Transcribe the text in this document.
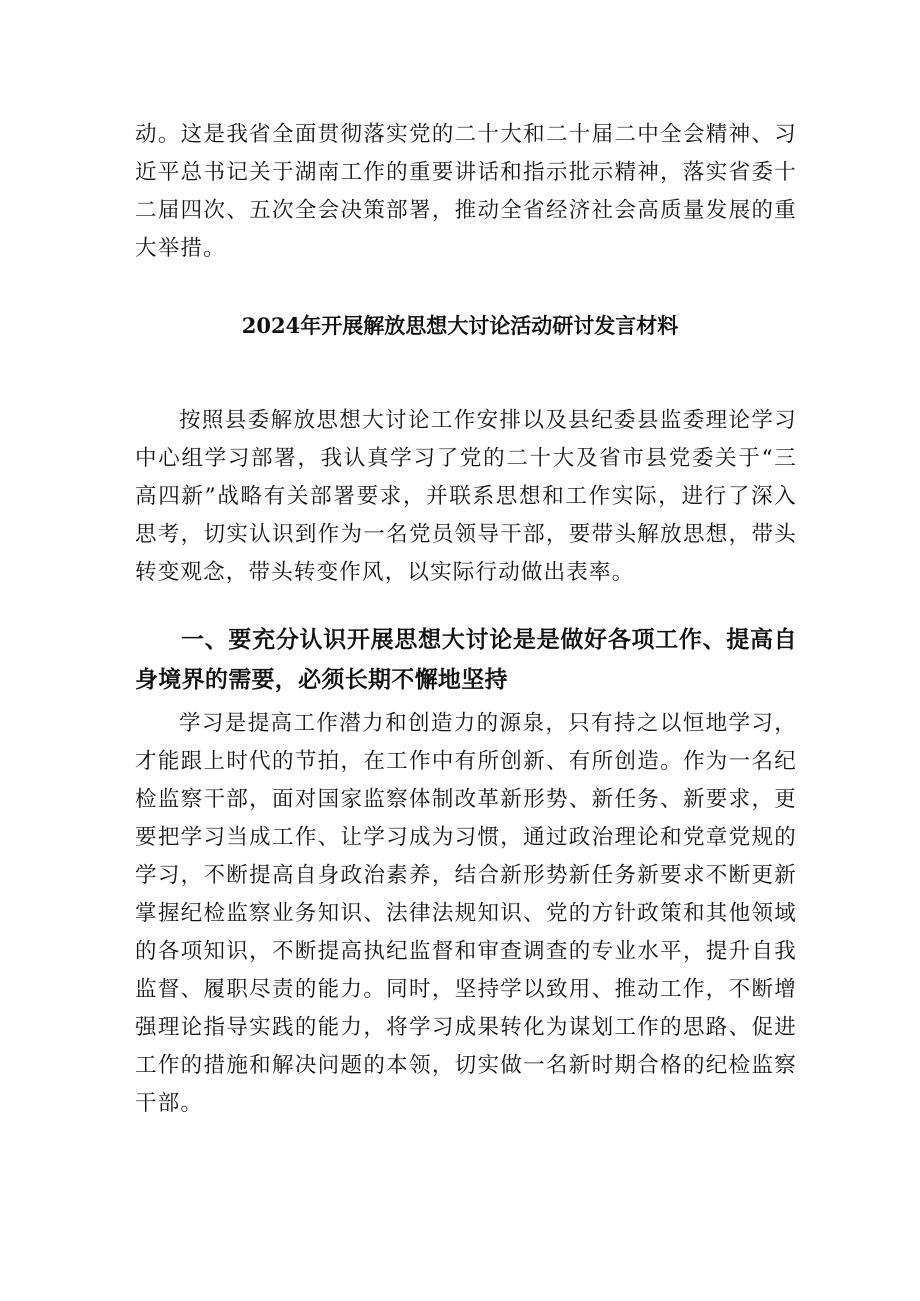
动。这是我省全面贯彻落实党的二十大和二十届二中全会精神、习近平总书记关于湖南工作的重要讲话和指示批示精神，落实省委十二届四次、五次全会决策部署，推动全省经济社会高质量发展的重大举措。

2024年开展解放思想大讨论活动研讨发言材料

按照县委解放思想大讨论工作安排以及县纪委县监委理论学习中心组学习部署，我认真学习了党的二十大及省市县党委关于“三高四新”战略有关部署要求，并联系思想和工作实际，进行了深入思考，切实认识到作为一名党员领导干部，要带头解放思想，带头转变观念，带头转变作风，以实际行动做出表率。

一、要充分认识开展思想大讨论是是做好各项工作、提高自身境界的需要，必须长期不懈地坚持

学习是提高工作潜力和创造力的源泉，只有持之以恒地学习，才能跟上时代的节拍，在工作中有所创新、有所创造。作为一名纪检监察干部，面对国家监察体制改革新形势、新任务、新要求，更要把学习当成工作、让学习成为习惯，通过政治理论和党章党规的学习，不断提高自身政治素养，结合新形势新任务新要求不断更新掌握纪检监察业务知识、法律法规知识、党的方针政策和其他领域的各项知识，不断提高执纪监督和审查调查的专业水平，提升自我监督、履职尽责的能力。同时，坚持学以致用、推动工作，不断增强理论指导实践的能力，将学习成果转化为谋划工作的思路、促进工作的措施和解决问题的本领，切实做一名新时期合格的纪检监察干部。
